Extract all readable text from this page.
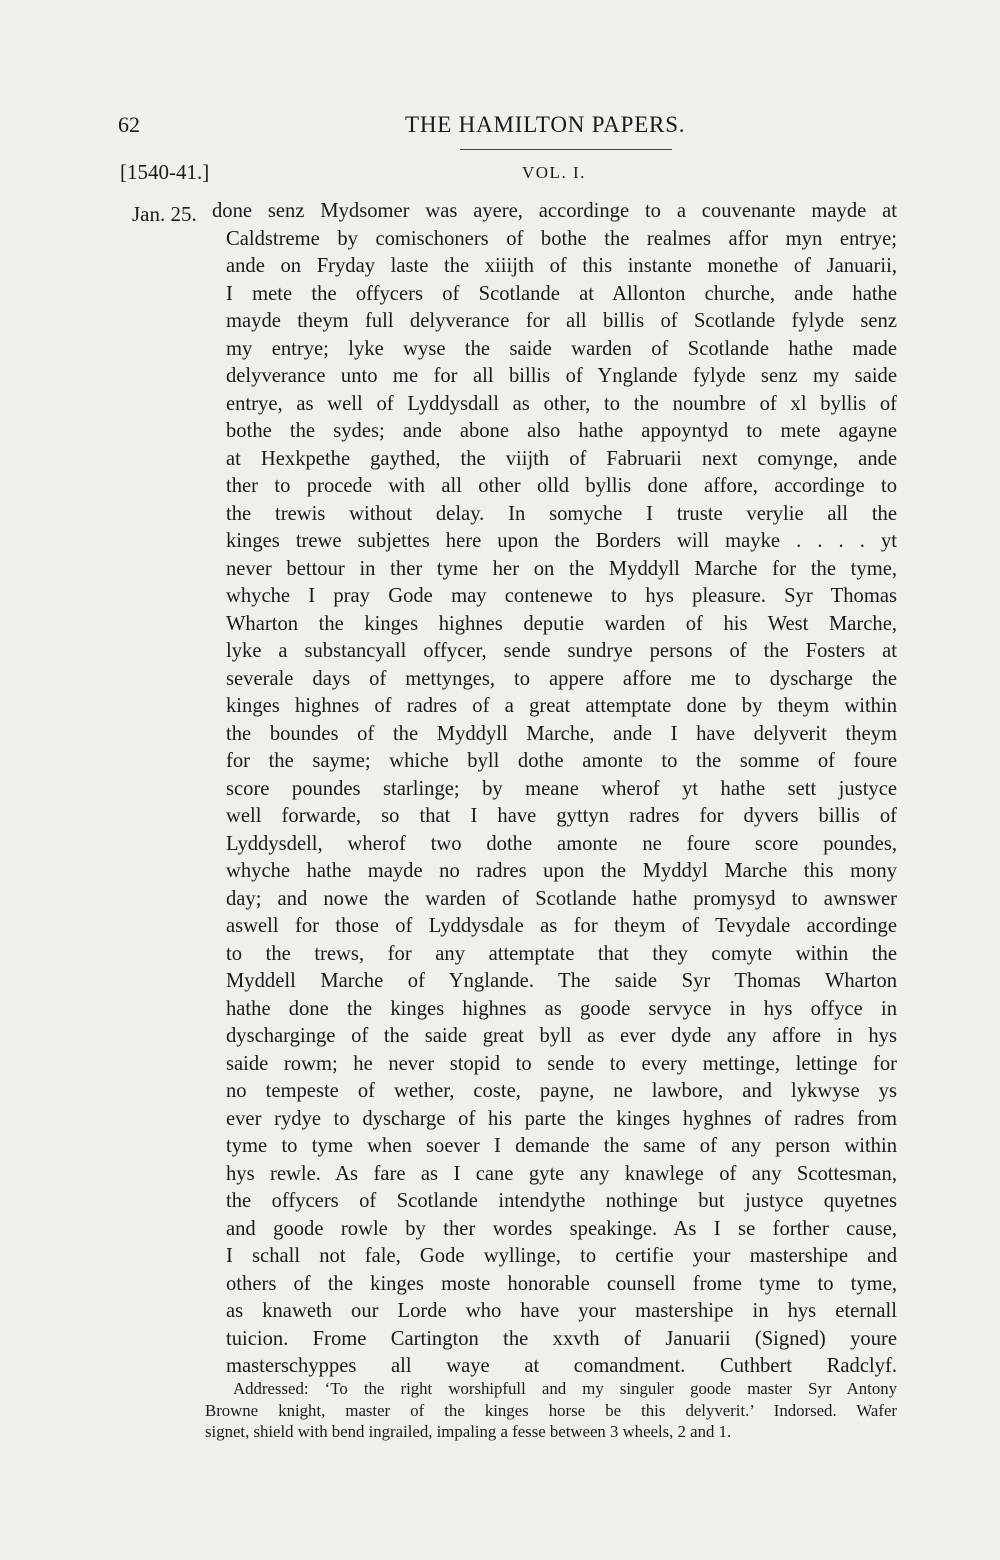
62	THE HAMILTON PAPERS.
[1540-41.]	VOL. I.
Jan. 25. done senz Mydsomer was ayere, accordinge to a couvenante mayde at
Caldstreme by comischoners of bothe the realmes affor myn entrye;
ande on Fryday laste the xiiijth of this instante monethe of Januarii,
I mete the offycers of Scotlande at Allonton churche, ande hathe
mayde theym full delyverance for all billis of Scotlande fylyde senz
my entrye; lyke wyse the saide warden of Scotlande hathe made
delyverance unto me for all billis of Ynglande fylyde senz my saide
entrye, as well of Lyddysdall as other, to the noumbre of xl byllis of
bothe the sydes; ande abone also hathe appoyntyd to mete agayne
at Hexkpethe gaythed, the viijth of Fabruarii next comynge, ande
ther to procede with all other olld byllis done affore, accordinge to
the trewis without delay. In somyche I truste verylie all the
kinges trewe subjettes here upon the Borders will mayke . . . . yt
never bettour in ther tyme her on the Myddyll Marche for the tyme,
whyche I pray Gode may contenewe to hys pleasure. Syr Thomas
Wharton the kinges highnes deputie warden of his West Marche,
lyke a substancyall offycer, sende sundrye persons of the Fosters at
severale days of mettynges, to appere affore me to dyscharge the
kinges highnes of radres of a great attemptate done by theym within
the boundes of the Myddyll Marche, ande I have delyverit theym
for the sayme; whiche byll dothe amonte to the somme of foure
score poundes starlinge; by meane wherof yt hathe sett justyce
well forwarde, so that I have gyttyn radres for dyvers billis of
Lyddysdell, wherof two dothe amonte ne foure score poundes,
whyche hathe mayde no radres upon the Myddyl Marche this mony
day; and nowe the warden of Scotlande hathe promysyd to awnswer
aswell for those of Lyddysdale as for theym of Tevydale accordinge
to the trews, for any attemptate that they comyte within the
Myddell Marche of Ynglande. The saide Syr Thomas Wharton
hathe done the kinges highnes as goode servyce in hys offyce in
dyscharginge of the saide great byll as ever dyde any affore in hys
saide rowm; he never stopid to sende to every mettinge, lettinge for
no tempeste of wether, coste, payne, ne lawbore, and lykwyse ys
ever rydye to dyscharge of his parte the kinges hyghnes of radres from
tyme to tyme when soever I demande the same of any person within
hys rewle. As fare as I cane gyte any knawlege of any Scottesman,
the offycers of Scotlande intendythe nothinge but justyce quyetnes
and goode rowle by ther wordes speakinge. As I se forther cause,
I schall not fale, Gode wyllinge, to certifie your mastershipe and
others of the kinges moste honorable counsell frome tyme to tyme,
as knaweth our Lorde who have your mastershipe in hys eternall
tuicion. Frome Cartington the xxvth of Januarii (Signed) youre
masterschyppes all waye at comandment. Cuthbert Radclyf.
Addressed: ‘To the right worshipfull and my singuler goode master Syr Antony
Browne knight, master of the kinges horse be this delyverit.’ Indorsed. Wafer
signet, shield with bend ingrailed, impaling a fesse between 3 wheels, 2 and 1.
